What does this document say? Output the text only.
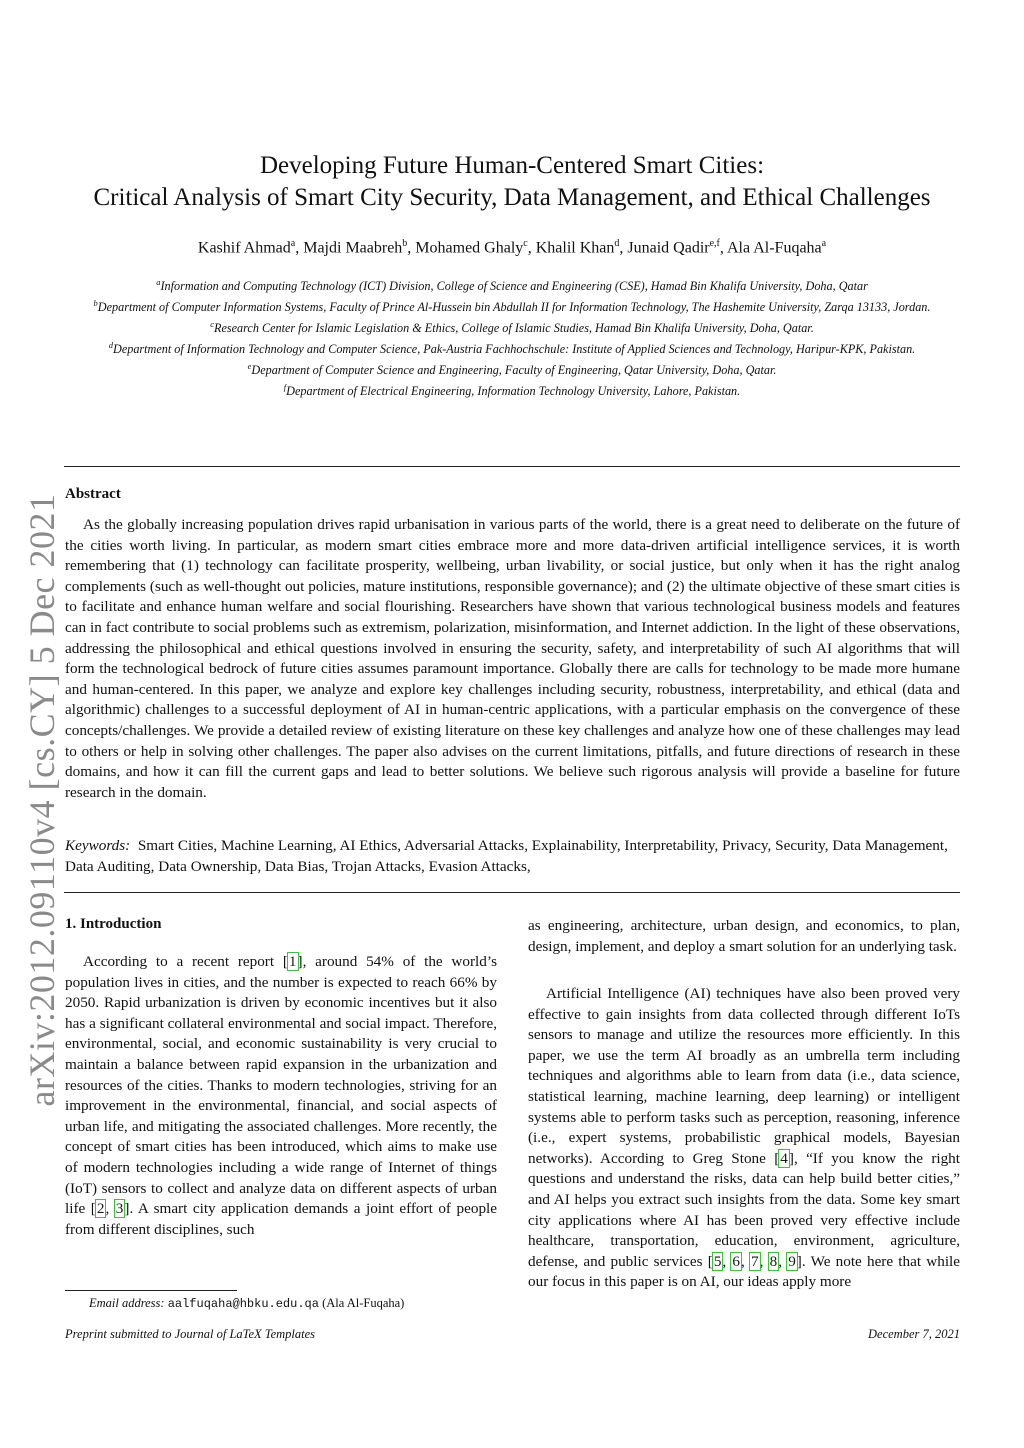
arXiv:2012.09110v4 [cs.CY] 5 Dec 2021
Developing Future Human-Centered Smart Cities:
Critical Analysis of Smart City Security, Data Management, and Ethical Challenges
Kashif Ahmad$^a$, Majdi Maabreh$^b$, Mohamed Ghaly$^c$, Khalil Khan$^d$, Junaid Qadir$^{e,f}$, Ala Al-Fuqaha$^a$
$^a$Information and Computing Technology (ICT) Division, College of Science and Engineering (CSE), Hamad Bin Khalifa University, Doha, Qatar
$^b$Department of Computer Information Systems, Faculty of Prince Al-Hussein bin Abdullah II for Information Technology, The Hashemite University, Zarqa 13133, Jordan.
$^c$Research Center for Islamic Legislation & Ethics, College of Islamic Studies, Hamad Bin Khalifa University, Doha, Qatar.
$^d$Department of Information Technology and Computer Science, Pak-Austria Fachhochschule: Institute of Applied Sciences and Technology, Haripur-KPK, Pakistan.
$^e$Department of Computer Science and Engineering, Faculty of Engineering, Qatar University, Doha, Qatar.
$^f$Department of Electrical Engineering, Information Technology University, Lahore, Pakistan.
Abstract

As the globally increasing population drives rapid urbanisation in various parts of the world, there is a great need to deliberate on the future of the cities worth living. In particular, as modern smart cities embrace more and more data-driven artificial intelligence services, it is worth remembering that (1) technology can facilitate prosperity, wellbeing, urban livability, or social justice, but only when it has the right analog complements (such as well-thought out policies, mature institutions, responsible governance); and (2) the ultimate objective of these smart cities is to facilitate and enhance human welfare and social flourishing. Researchers have shown that various technological business models and features can in fact contribute to social problems such as extremism, polarization, misinformation, and Internet addiction. In the light of these observations, addressing the philosophical and ethical questions involved in ensuring the security, safety, and interpretability of such AI algorithms that will form the technological bedrock of future cities assumes paramount importance. Globally there are calls for technology to be made more humane and human-centered. In this paper, we analyze and explore key challenges including security, robustness, interpretability, and ethical (data and algorithmic) challenges to a successful deployment of AI in human-centric applications, with a particular emphasis on the convergence of these concepts/challenges. We provide a detailed review of existing literature on these key challenges and analyze how one of these challenges may lead to others or help in solving other challenges. The paper also advises on the current limitations, pitfalls, and future directions of research in these domains, and how it can fill the current gaps and lead to better solutions. We believe such rigorous analysis will provide a baseline for future research in the domain.

Keywords: Smart Cities, Machine Learning, AI Ethics, Adversarial Attacks, Explainability, Interpretability, Privacy, Security, Data Management, Data Auditing, Data Ownership, Data Bias, Trojan Attacks, Evasion Attacks,

1. Introduction

According to a recent report [1], around 54% of the world’s population lives in cities, and the number is expected to reach 66% by 2050. Rapid urbanization is driven by economic incentives but it also has a significant collateral environmental and social impact. Therefore, environmental, social, and economic sustainability is very crucial to maintain a balance between rapid expansion in the urbanization and resources of the cities. Thanks to modern technologies, striving for an improvement in the environmental, financial, and social aspects of urban life, and mitigating the associated challenges. More recently, the concept of smart cities has been introduced, which aims to make use of modern technologies including a wide range of Internet of things (IoT) sensors to collect and analyze data on different aspects of urban life [2, 3]. A smart city application demands a joint effort of people from different disciplines, such

as engineering, architecture, urban design, and economics, to plan, design, implement, and deploy a smart solution for an underlying task.

Artificial Intelligence (AI) techniques have also been proved very effective to gain insights from data collected through different IoTs sensors to manage and utilize the resources more efficiently. In this paper, we use the term AI broadly as an umbrella term including techniques and algorithms able to learn from data (i.e., data science, statistical learning, machine learning, deep learning) or intelligent systems able to perform tasks such as perception, reasoning, inference (i.e., expert systems, probabilistic graphical models, Bayesian networks). According to Greg Stone [4], “If you know the right questions and understand the risks, data can help build better cities,” and AI helps you extract such insights from the data. Some key smart city applications where AI has been proved very effective include healthcare, transportation, education, environment, agriculture, defense, and public services [5, 6, 7, 8, 9]. We note here that while our focus in this paper is on AI, our ideas apply more

Email address: aalfuqaha@hbku.edu.qa (Ala Al-Fuqaha)
Preprint submitted to Journal of LaTeX Templates	December 7, 2021
